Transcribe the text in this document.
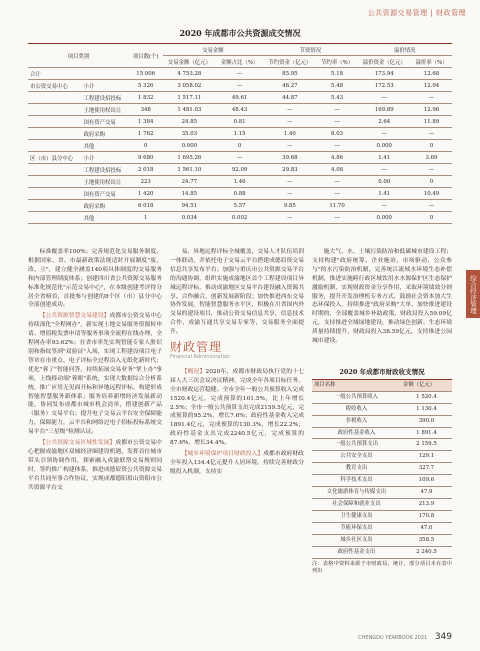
公共资源交易管理 | 财政管理
2020 年成都市公共资源成交情况
项目类别		项目数(个)	交易金额		节资情况		溢价情况	
			交易金额（亿元）	金额占比（%）	节约资金（亿元）	节约率（%）	溢价资金（亿元）	溢价率（%）
合计		15 006	4 753.28	—	85.95	5.18	173.94	12.68
市公资交易中心	小计	5 326	3 058.02	—	46.27	5.48	172.53	12.94
	工程建设招投标	1 832	1 517.11	49.61	44.87	5.43	—	—
	土地使用权出让	348	1 481.03	48.43	—	—	169.89	12.96
	国有资产交易	1 384	24.85	0.81	—	—	2.64	11.89
	政府采购	1 762	35.03	1.15	1.40	8.03	—	—
	其他	0	0.000	0	—	—	0.000	0
区（市）县分中心	小计	9 680	1 695.26	—	39.68	4.86	1.41	3.69
	工程建设招投标	2 018	1 561.10	92.09	29.83	4.08	—	—
	土地使用权出让	223	24.77	1.46	—	—	0.00	0
	国有资产交易	1 420	14.85	0.88	—	—	1.41	10.49
	政府采购	6 018	94.51	5.57	9.85	11.70	—	—
	其他	1	0.034	0.002	—	—	0.000	0

标准覆盖率100%；完善规范化交易服务制度，根据国家、省、市最新政策法规适时开展制度"废、改、立"，建立健全涵盖140项具体制度的交易服务和内部管理制度体系；创建四川省公共资源交易服务标准化规范化"示范交易中心"，在本级创建考评得分居全省榜首，首批参与创建的8个区（市）县分中心全部创建成功。

【公共资源智慧交易建设】成都市公资交易中心持续深化"全程网办"，新实现土地交易服务资源转申请、增值税发票申请等服务事项全流程在线办理，全程网办率93.62%；在省市率先实现智能专家人脸识别和指纹签到"双验证"入场，实现工程建设项目电子签章在市重点、电子评标全过程沿入无纸化新时代；优化"蓉了"智能问答，持续拓展交易业务"掌上办"事项，上线移动端"蓉眼"系统，实现大数据综合分析系统，推广应用无见面开标和异地远程评标，构建形成智能智慧服务新体系；服务培养新增经济发展新动能，协同发布成都市城市机会清单，搭建创新产品（服务）交易平台；提升电子交易云平台安全保障能力，保障能力，云平台和网络过电子招标投标系统交易平台"三星级"检测认证。

【公共资源交易区域性发展】成都市公资交易中心把握成渝地区双城经济圈建设机遇，发挥首位城市带头引领协调作用，探索融入成渝联帮交易规则同时，签约推广构建体系，推进成德眉资公共资源交易平台共同至事合作协议，实现成都德阳眉山资阳市公共资源平台交

易、异地远程评标全城覆盖，交易人才队伍培训一体联动，并依托电子交易云平台搭建成德眉资交易信息共享发布平台；加强与重庆市公共资源交易平台的沟通协调，组织实施成渝地区首个工程建设项目异城远程评标，推动成渝地区交易平台建设融入资源共享、合作融合、创新发展新阶段；加快推进西东交易协作发展，智能智慧服务水平区，积极在川省国内外交易的建设项目，推动公资交易信息共享，信息技术合作，成渝互通共享交易专家等，交易服务全面提升。

财政管理
Financial Administration

【概况】2020年，成都市财政局执行党的十七届人大三次会议决议精神，完成全年各项目标任务，全市财政运营稳健。全市全年一般公共预算收入完成1520.4亿元，完成预算的101.5%，比上年增长2.5%；全市一般公共预算支出完成2159.5亿元，完成预算的95.2%，增长7.6%；政府性基金收入完成1891.4亿元，完成预算的130.3%，增长22.2%；政府性基金支出完成2240.5亿元，完成预算的87.6%，增长34.4%。

【城乡环境保护项目财政投入】成都市政府财政全年投入134.4亿元提升人居环境，持续完善财政分级投入机制，支持实

施大气、水、土壤污染防治和低碳城市建设工程；支持构建"政府统筹、企业施治、市场驱动、公众参与"的水污染防治机制，完善统江流域水环境生态补偿机制，推进实施跨行政区域饮用水水源保护区生态保护激励机制，实现财政资金分享作用，采取环境绩效分则服务，提升开发治理机专务方式，鼓励社会资本加大生态环保投入，持续推进"政府采购"大单，加快推进建设时期的，全部覆盖城乡补助政策，财政局投入59.09亿元，支持推进全域绿地建设，推动绿色创新、生态环境质量持续提升，财政局投入38.59亿元，支持推进公园城市建设。

2020 年成都市财政收支情况
项目名称	金额（亿元）
一般公共预算收入	1 520.4
税收收入	1 130.4
非税收入	390.0
政府性基金收入	1 891.4
一般公共预算支出	2 159.5
公共安全支出	129.1
教育支出	327.7
科学技术支出	109.6
文化旅游体育与传媒支出	47.9
社会保障和就业支出	213.9
卫生健康支出	170.8
节能环保支出	47.0
城乡社区支出	358.5
政府性基金支出	2 240.5
注：表格中资料来源于市财政局，统计，部分项目未在表中列出
综合经济管理
CHENGDU YEARBOOK 2021 349
